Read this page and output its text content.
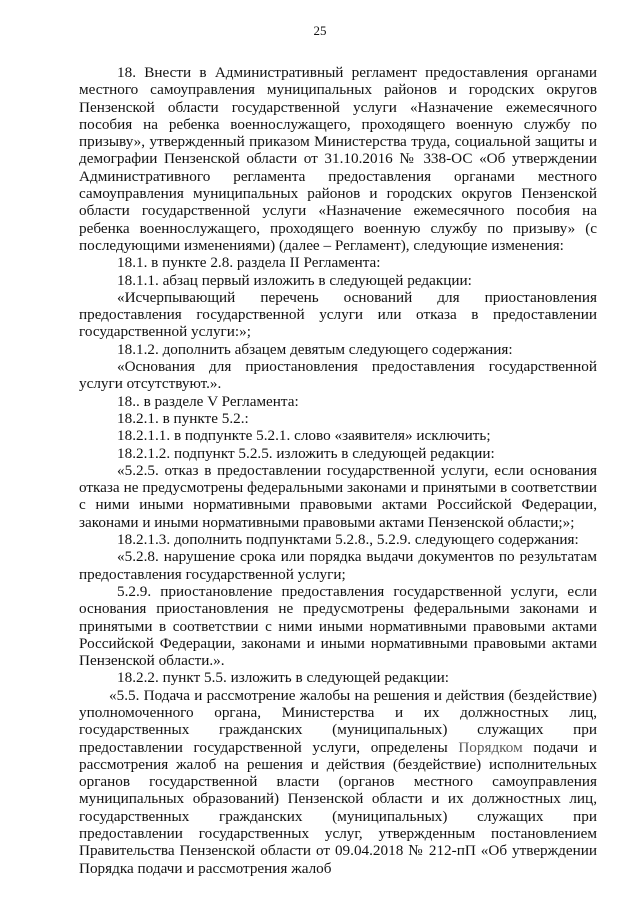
25

18. Внести в Административный регламент предоставления органами местного самоуправления муниципальных районов и городских округов Пензенской области государственной услуги «Назначение ежемесячного пособия на ребенка военнослужащего, проходящего военную службу по призыву», утвержденный приказом Министерства труда, социальной защиты и демографии Пензенской области от 31.10.2016 № 338-ОС «Об утверждении Административного регламента предоставления органами местного самоуправления муниципальных районов и городских округов Пензенской области государственной услуги «Назначение ежемесячного пособия на ребенка военнослужащего, проходящего военную службу по призыву» (с последующими изменениями) (далее – Регламент), следующие изменения:

18.1. в пункте 2.8. раздела II Регламента:

18.1.1. абзац первый изложить в следующей редакции:

«Исчерпывающий перечень оснований для приостановления предоставления государственной услуги или отказа в предоставлении государственной услуги:»;

18.1.2. дополнить абзацем девятым следующего содержания:

«Основания для приостановления предоставления государственной услуги отсутствуют.».

18.. в разделе V Регламента:

18.2.1. в пункте 5.2.:

18.2.1.1. в подпункте 5.2.1. слово «заявителя» исключить;

18.2.1.2. подпункт 5.2.5. изложить в следующей редакции:

«5.2.5. отказ в предоставлении государственной услуги, если основания отказа не предусмотрены федеральными законами и принятыми в соответствии с ними иными нормативными правовыми актами Российской Федерации, законами и иными нормативными правовыми актами Пензенской области;»;

18.2.1.3. дополнить подпунктами 5.2.8., 5.2.9. следующего содержания:

«5.2.8. нарушение срока или порядка выдачи документов по результатам предоставления государственной услуги;

5.2.9. приостановление предоставления государственной услуги, если основания приостановления не предусмотрены федеральными законами и принятыми в соответствии с ними иными нормативными правовыми актами Российской Федерации, законами и иными нормативными правовыми актами Пензенской области.».

18.2.2. пункт 5.5. изложить в следующей редакции:

«5.5. Подача и рассмотрение жалобы на решения и действия (бездействие) уполномоченного органа, Министерства и их должностных лиц, государственных гражданских (муниципальных) служащих при предоставлении государственной услуги, определены Порядком подачи и рассмотрения жалоб на решения и действия (бездействие) исполнительных органов государственной власти (органов местного самоуправления муниципальных образований) Пензенской области и их должностных лиц, государственных гражданских (муниципальных) служащих при предоставлении государственных услуг, утвержденным постановлением Правительства Пензенской области от 09.04.2018 № 212-пП «Об утверждении Порядка подачи и рассмотрения жалоб
